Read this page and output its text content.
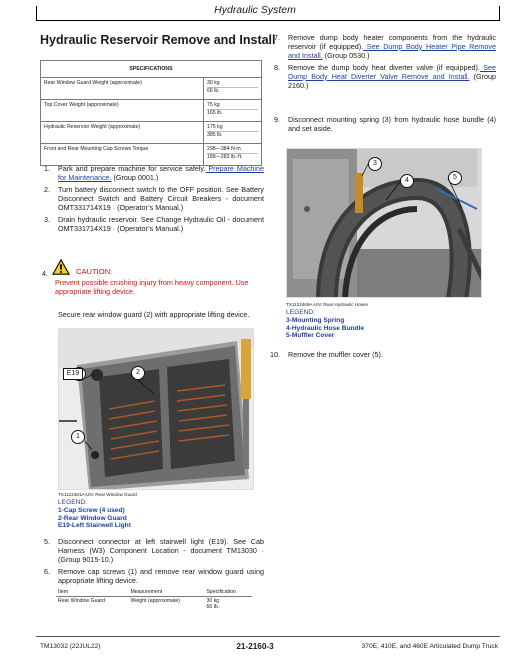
Hydraulic System
Hydraulic Reservoir Remove and Install
SPECIFICATIONS	
Rear Window Guard Weight (approximate)	30 kg
66 lb.

Top Cover Weight (approximate)	75 kg
165 lb.

Hydraulic Reservoir Weight (approximate)	175 kg
385 lb.

Front and Rear Mounting Cap Screws Torque	298—384 N·m
189—283 lb.-ft.
1. Park and prepare machine for service safely. Prepare Machine for Maintenance. (Group 0001.)
2. Turn battery disconnect switch to the OFF position. See Battery Disconnect Switch and Battery Circuit Breakers - document OMT331714X19 · (Operator’s Manual.)
3. Drain hydraulic reservoir. See Change Hydraulic Oil - document OMT331714X19 · (Operator’s Manual.)
4.	CAUTION:
Prevent possible crushing injury from heavy component. Use appropriate lifting device.
Secure rear window guard (2) with appropriate lifting device.
E19	2
1
TX1122481A-UN: Rear Window Guard
LEGEND:
1-Cap Screw (4 used)
2-Rear Window Guard
E19-Left Stairwell Light
5. Disconnect connector at left stairwell light (E19). See Cab Harness (W3) Component Location - document TM13030 · (Group 9015-10.)
6. Remove cap screws (1) and remove rear window guard using appropriate lifting device.
Item	Measurement	Specification
Rear Window Guard	Weight (approximate)	30 kg
66 lb.
7. Remove dump body heater components from the hydraulic reservoir (if equipped). See Dump Body Heater Pipe Remove and Install. (Group 0530.)
8. Remove the dump body heat diverter valve (if equipped). See Dump Body Heat Diverter Valve Remove and Install. (Group 2160.)
9. Disconnect mounting spring (3) from hydraulic hose bundle (4) and set aside.
3
4	5
TX1122469A-UN: Rear Hydraulic Hoses
LEGEND:
3-Mounting Spring
4-Hydraulic Hose Bundle
5-Muffler Cover
10. Remove the muffler cover (5).
TM13032 (22JUL22)	21-2160-3	370E, 410E, and 460E Articulated Dump Truck
